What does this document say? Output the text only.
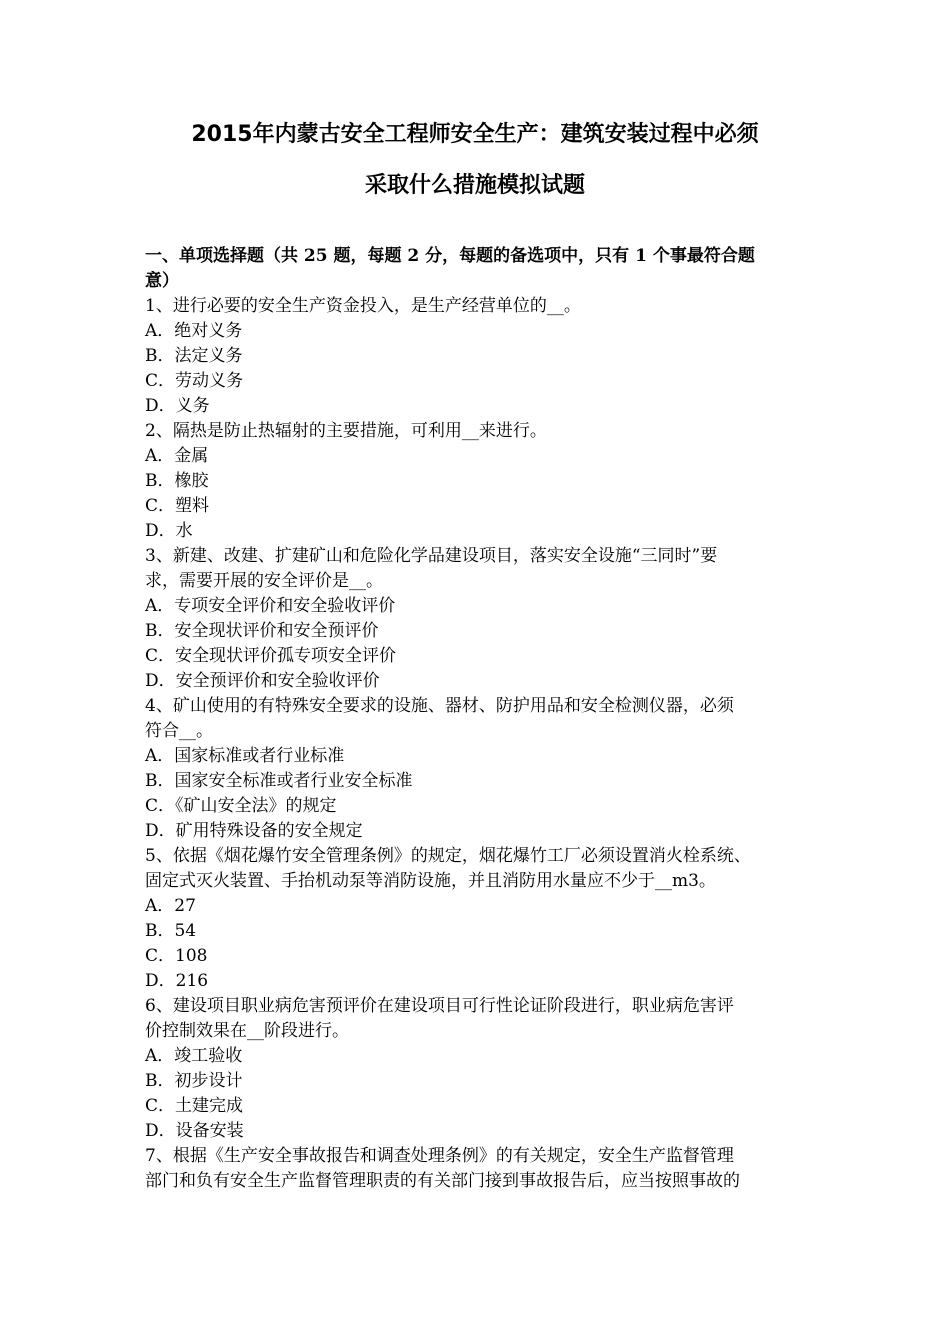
2015年内蒙古安全工程师安全生产：建筑安装过程中必须
采取什么措施模拟试题
一、单项选择题（共 25 题，每题 2 分，每题的备选项中，只有 1 个事最符合题
意）
1、进行必要的安全生产资金投入，是生产经营单位的__。
A．绝对义务
B．法定义务
C．劳动义务
D．义务
2、隔热是防止热辐射的主要措施，可利用__来进行。
A．金属
B．橡胶
C．塑料
D．水
3、新建、改建、扩建矿山和危险化学品建设项目，落实安全设施“三同时”要
求，需要开展的安全评价是__。
A．专项安全评价和安全验收评价
B．安全现状评价和安全预评价
C．安全现状评价孤专项安全评价
D．安全预评价和安全验收评价
4、矿山使用的有特殊安全要求的设施、器材、防护用品和安全检测仪器，必须
符合__。
A．国家标准或者行业标准
B．国家安全标准或者行业安全标准
C．《矿山安全法》的规定
D．矿用特殊设备的安全规定
5、依据《烟花爆竹安全管理条例》的规定，烟花爆竹工厂必须设置消火栓系统、
固定式灭火装置、手抬机动泵等消防设施，并且消防用水量应不少于__m3。
A．27
B．54
C．108
D．216
6、建设项目职业病危害预评价在建设项目可行性论证阶段进行，职业病危害评
价控制效果在__阶段进行。
A．竣工验收
B．初步设计
C．土建完成
D．设备安装
7、根据《生产安全事故报告和调查处理条例》的有关规定，安全生产监督管理
部门和负有安全生产监督管理职责的有关部门接到事故报告后，应当按照事故的
